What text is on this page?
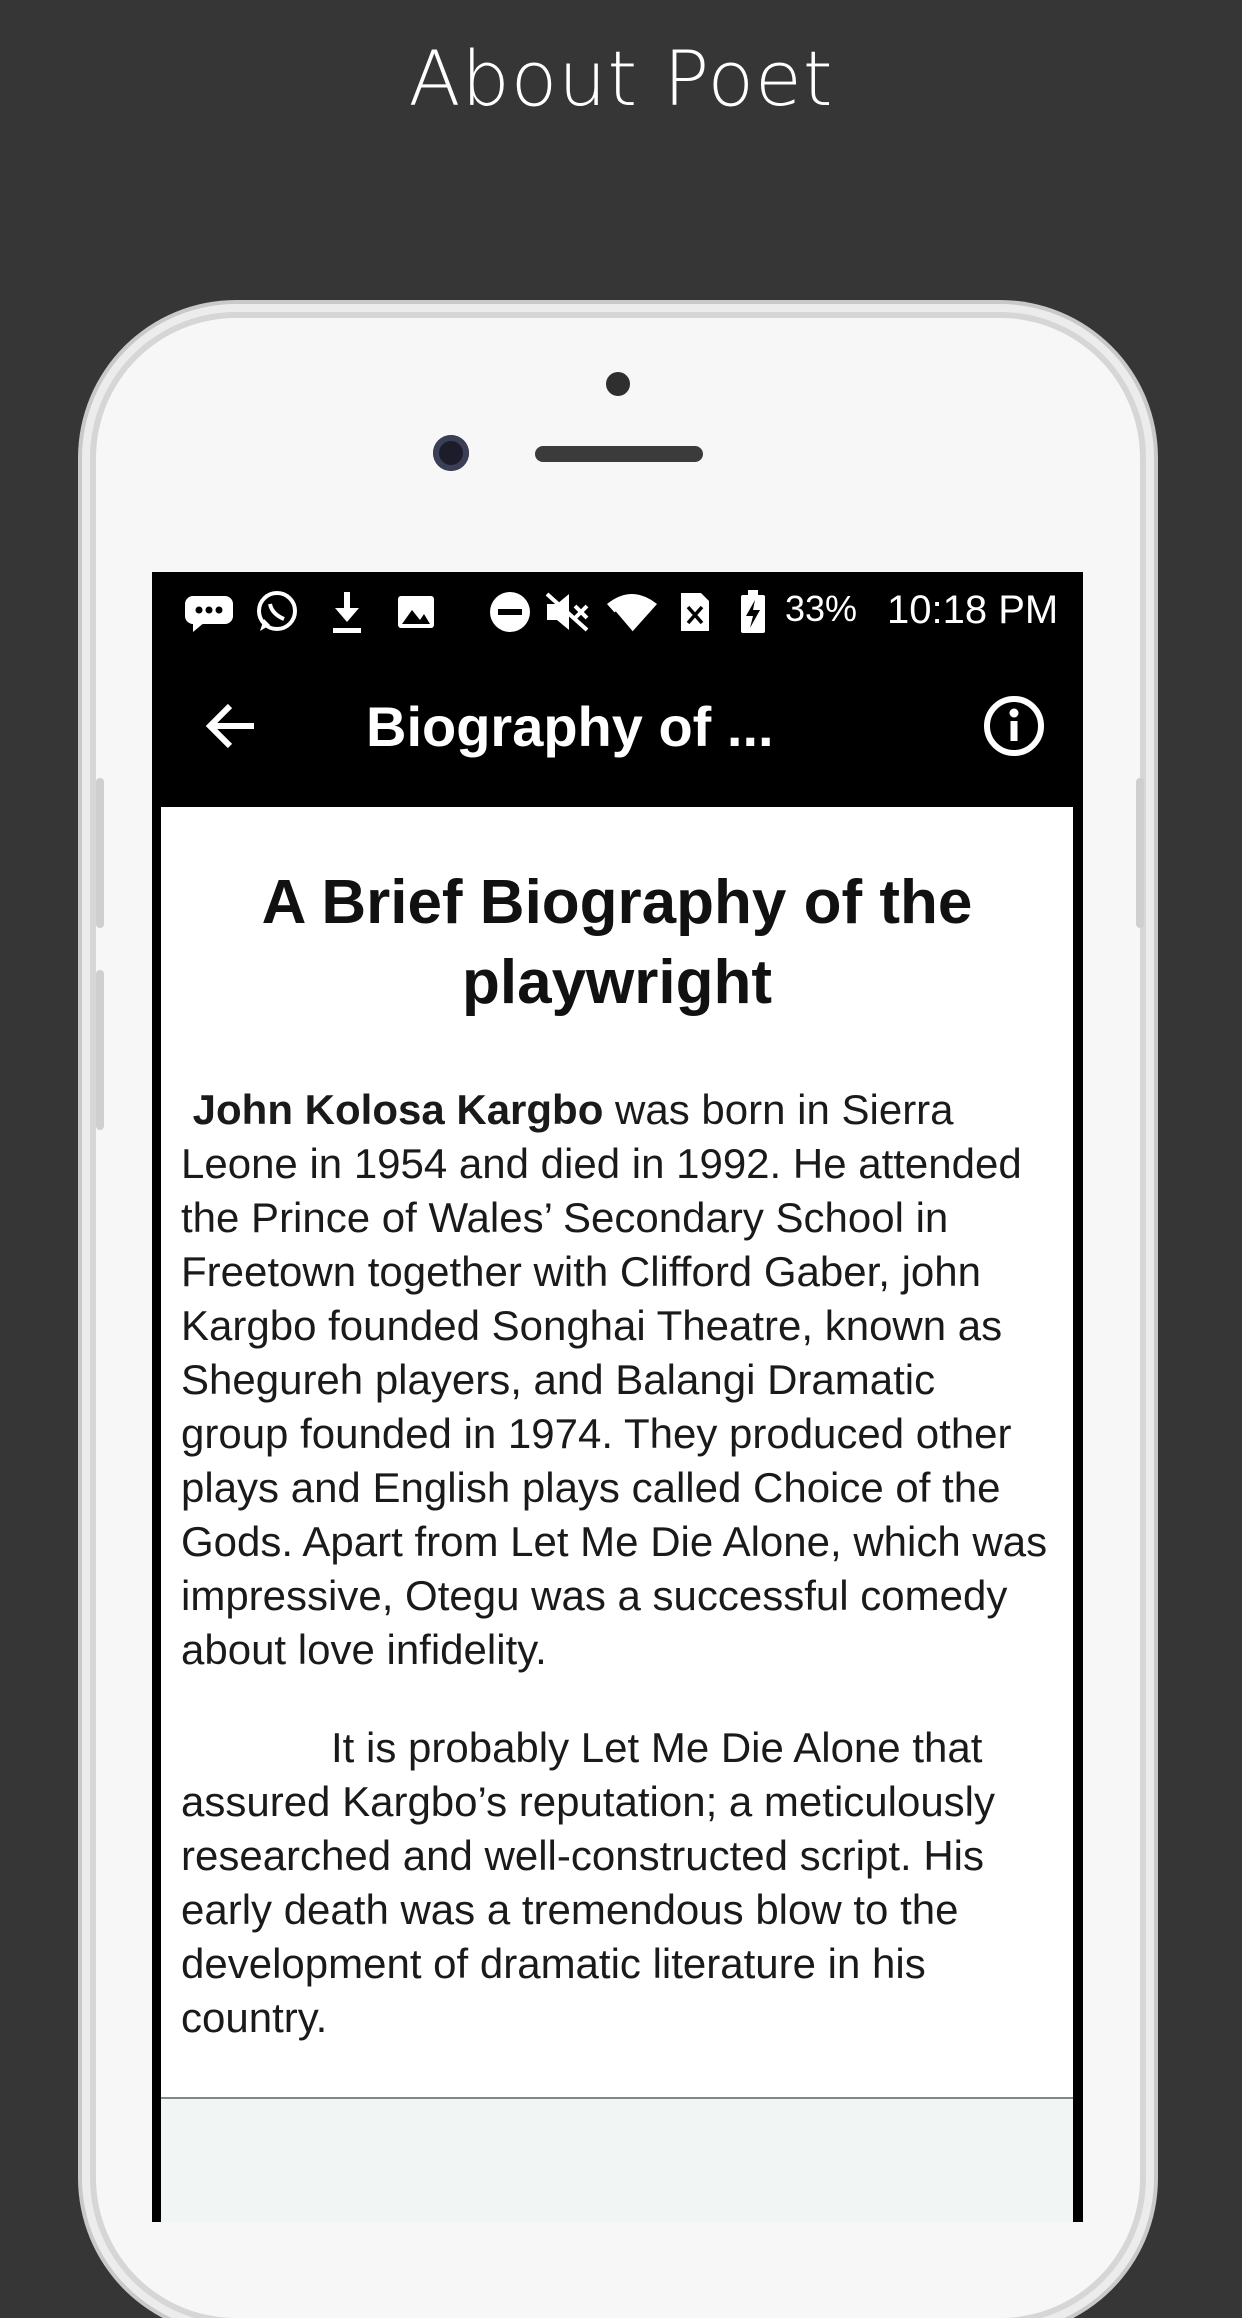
About Poet
33% 10:18 PM
Biography of ...
A Brief Biography of the playwright

John Kolosa Kargbo was born in Sierra Leone in 1954 and died in 1992. He attended the Prince of Wales’ Secondary School in Freetown together with Clifford Gaber, john Kargbo founded Songhai Theatre, known as Shegureh players, and Balangi Dramatic group founded in 1974. They produced other plays and English plays called Choice of the Gods. Apart from Let Me Die Alone, which was impressive, Otegu was a successful comedy about love infidelity.

It is probably Let Me Die Alone that assured Kargbo’s reputation; a meticulously researched and well-constructed script. His early death was a tremendous blow to the development of dramatic literature in his country.
